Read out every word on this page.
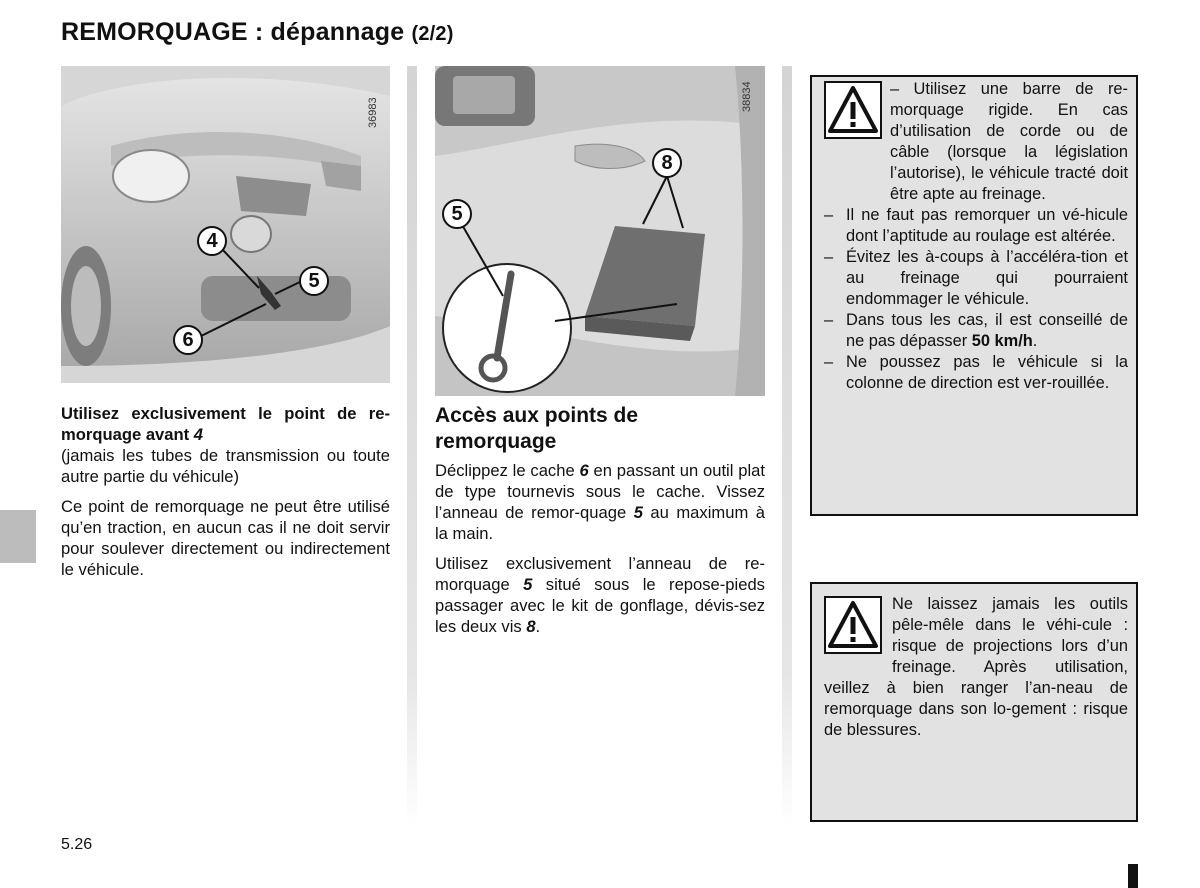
REMORQUAGE : dépannage (2/2)
36983
4
5
6
38834
5
8

Utilisez exclusivement le point de re-morquage avant 4
(jamais les tubes de transmission ou toute autre partie du véhicule)

Ce point de remorquage ne peut être utilisé qu’en traction, en aucun cas il ne doit servir pour soulever directement ou indirectement le véhicule.

Accès aux points de remorquage

Déclippez le cache 6 en passant un outil plat de type tournevis sous le cache. Vissez l’anneau de remor-quage 5 au maximum à la main.

Utilisez exclusivement l’anneau de re-morquage 5 situé sous le repose-pieds passager avec le kit de gonflage, dévis-sez les deux vis 8.

– Utilisez une barre de re-morquage rigide. En cas d’utilisation de corde ou de câble (lorsque la législation l’autorise), le véhicule tracté doit être apte au freinage.
– Il ne faut pas remorquer un vé-hicule dont l’aptitude au roulage est altérée.
– Évitez les à-coups à l’accéléra-tion et au freinage qui pourraient endommager le véhicule.
– Dans tous les cas, il est conseillé de ne pas dépasser 50 km/h.
– Ne poussez pas le véhicule si la colonne de direction est ver-rouillée.
Ne laissez jamais les outils pêle-mêle dans le véhi-cule : risque de projections lors d’un freinage. Après utilisation, veillez à bien ranger l’an-neau de remorquage dans son lo-gement : risque de blessures.
5.26
